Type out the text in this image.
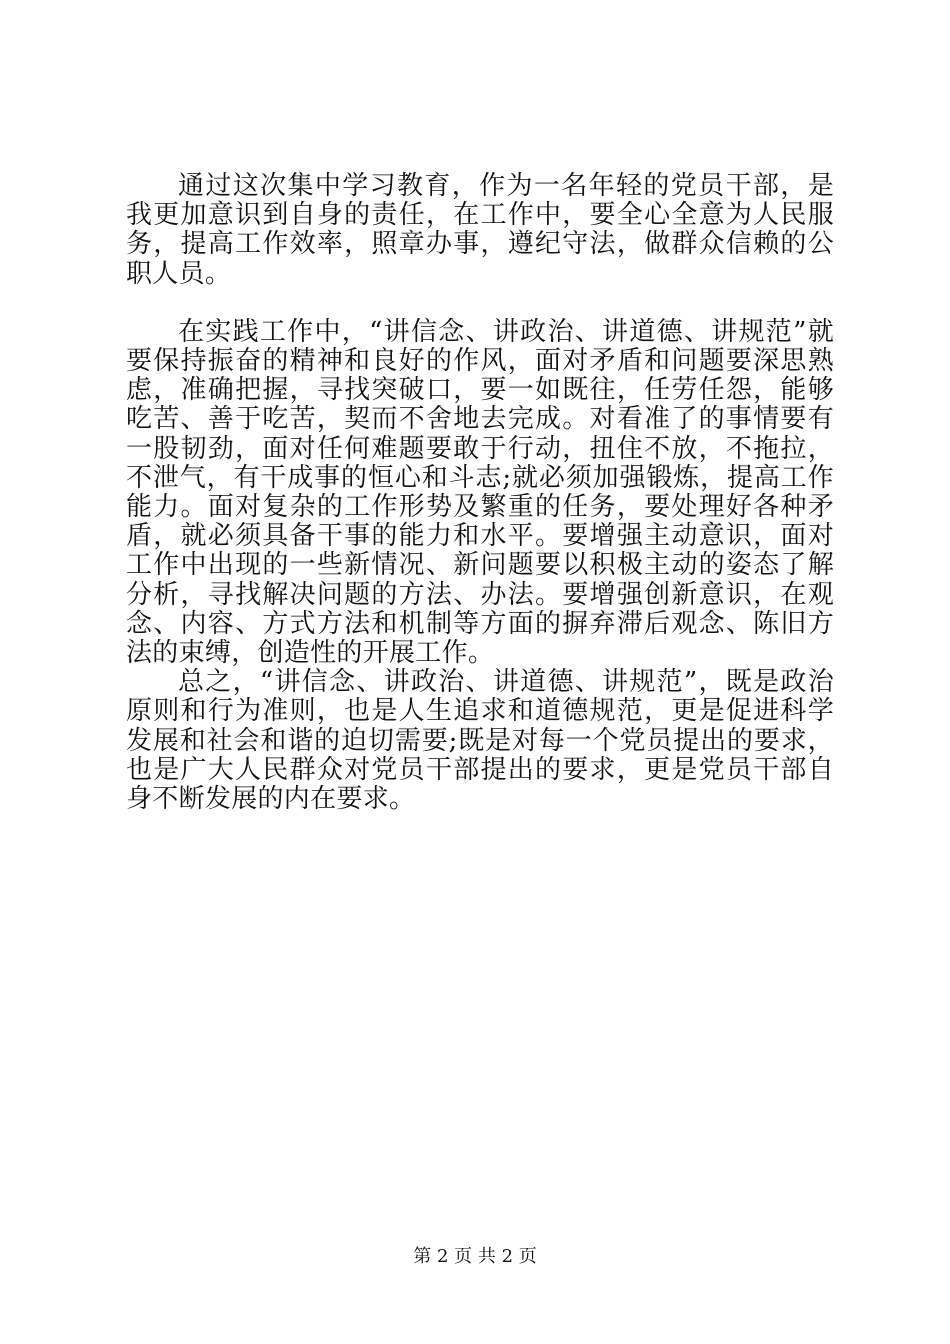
通过这次集中学习教育，作为一名年轻的党员干部，是我更加意识到自身的责任，在工作中，要全心全意为人民服务，提高工作效率，照章办事，遵纪守法，做群众信赖的公职人员。

在实践工作中，“讲信念、讲政治、讲道德、讲规范”就要保持振奋的精神和良好的作风，面对矛盾和问题要深思熟虑，准确把握，寻找突破口，要一如既往，任劳任怨，能够吃苦、善于吃苦，契而不舍地去完成。对看准了的事情要有一股韧劲，面对任何难题要敢于行动，扭住不放，不拖拉，不泄气，有干成事的恒心和斗志;就必须加强锻炼，提高工作能力。面对复杂的工作形势及繁重的任务，要处理好各种矛盾，就必须具备干事的能力和水平。要增强主动意识，面对工作中出现的一些新情况、新问题要以积极主动的姿态了解分析，寻找解决问题的方法、办法。要增强创新意识，在观念、内容、方式方法和机制等方面的摒弃滞后观念、陈旧方法的束缚，创造性的开展工作。

总之，“讲信念、讲政治、讲道德、讲规范”，既是政治原则和行为准则，也是人生追求和道德规范，更是促进科学发展和社会和谐的迫切需要;既是对每一个党员提出的要求，也是广大人民群众对党员干部提出的要求，更是党员干部自身不断发展的内在要求。

第 2 页 共 2 页
